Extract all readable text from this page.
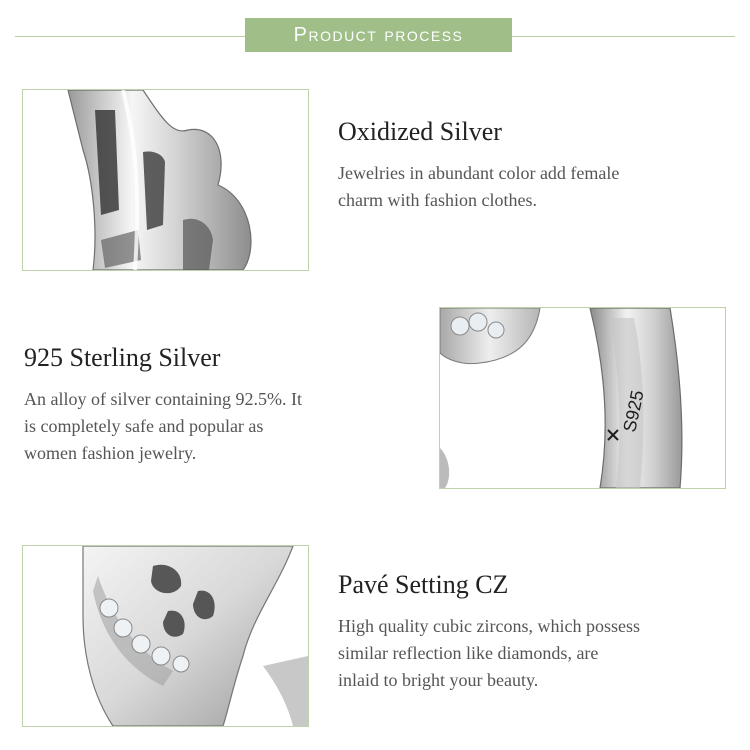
Product process
Oxidized Silver
Jewelries in abundant color add female
charm with fashion clothes.
925 Sterling Silver
An alloy of silver containing 92.5%. It
is completely safe and popular as
women fashion jewelry.
S925
Pavé Setting CZ
High quality cubic zircons, which possess
similar reflection like diamonds, are
inlaid to bright your beauty.
